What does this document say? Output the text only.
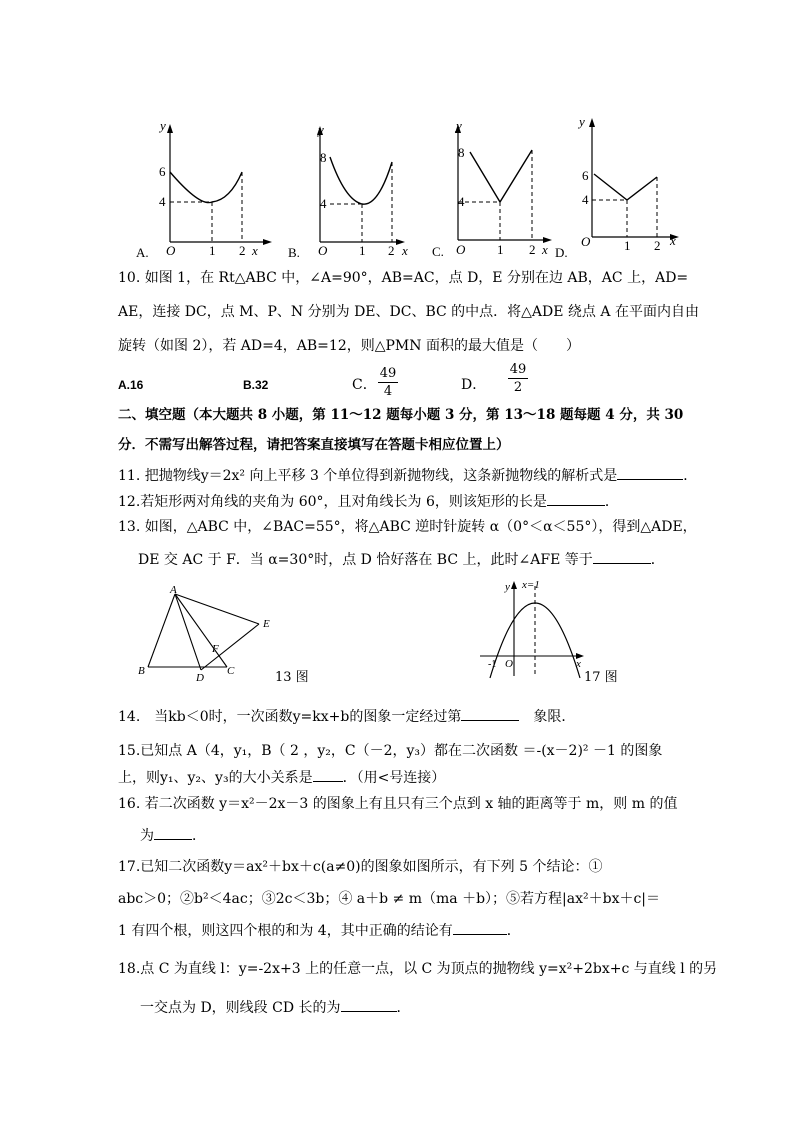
y
6
4
O	1 2 x
A.
y
8
4
O 1 2 x
B.
y
8
4
O 1 2 x
C.
y
6
4
O	1 2 x
D.
10. 如图 1，在 Rt△ABC 中，∠A=90°，AB=AC，点 D，E 分别在边 AB，AC 上，AD=
AE，连接 DC，点 M、P、N 分别为 DE、DC、BC 的中点．将△ADE 绕点 A 在平面内自由
旋转（如图 2），若 AD=4，AB=12，则△PMN 面积的最大值是（　　）
A.16	B.32	C．
49
4	D．
49
2
二、填空题（本大题共 8 小题，第 11～12 题每小题 3 分，第 13～18 题每题 4 分，共 30
分．不需写出解答过程，请把答案直接填写在答题卡相应位置上）
11. 把抛物线y＝2x² 向上平移 3 个单位得到新抛物线，这条新抛物线的解析式是	．
12.若矩形两对角线的夹角为 60°，且对角线长为 6，则该矩形的长是	．
13. 如图，△ABC 中，∠BAC=55°，将△ABC 逆时针旋转 α（0°＜α＜55°），得到△ADE，
DE 交 AC 于 F．当 α=30°时，点 D 恰好落在 BC 上，此时∠AFE 等于	．
A
B	C
D
E
F
13 图
y x=1
-1 O	x
17 图
14.　当kb＜0时，一次函数y=kx+b的图象一定经过第	　象限．
15.已知点 A（4，y₁，B（ 2 ，y₂，C（－2，y₃）都在二次函数 ＝-(x－2)² －1 的图象
上，则y₁、y₂、y₃的大小关系是 ．（用<号连接）
16. 若二次函数 y＝x²－2x－3 的图象上有且只有三个点到 x 轴的距离等于 m，则 m 的值
为	．
17.已知二次函数y＝ax²＋bx＋c(a≠0)的图象如图所示，有下列 5 个结论：①
abc＞0；②b²＜4ac；③2c＜3b；④ a＋b ≠ m（ma ＋b）；⑤若方程|ax²＋bx＋c|＝
1 有四个根，则这四个根的和为 4，其中正确的结论有	．
18.点 C 为直线 l：y=-2x+3 上的任意一点，以 C 为顶点的抛物线 y=x²+2bx+c 与直线 l 的另
一交点为 D，则线段 CD 长的为	．
